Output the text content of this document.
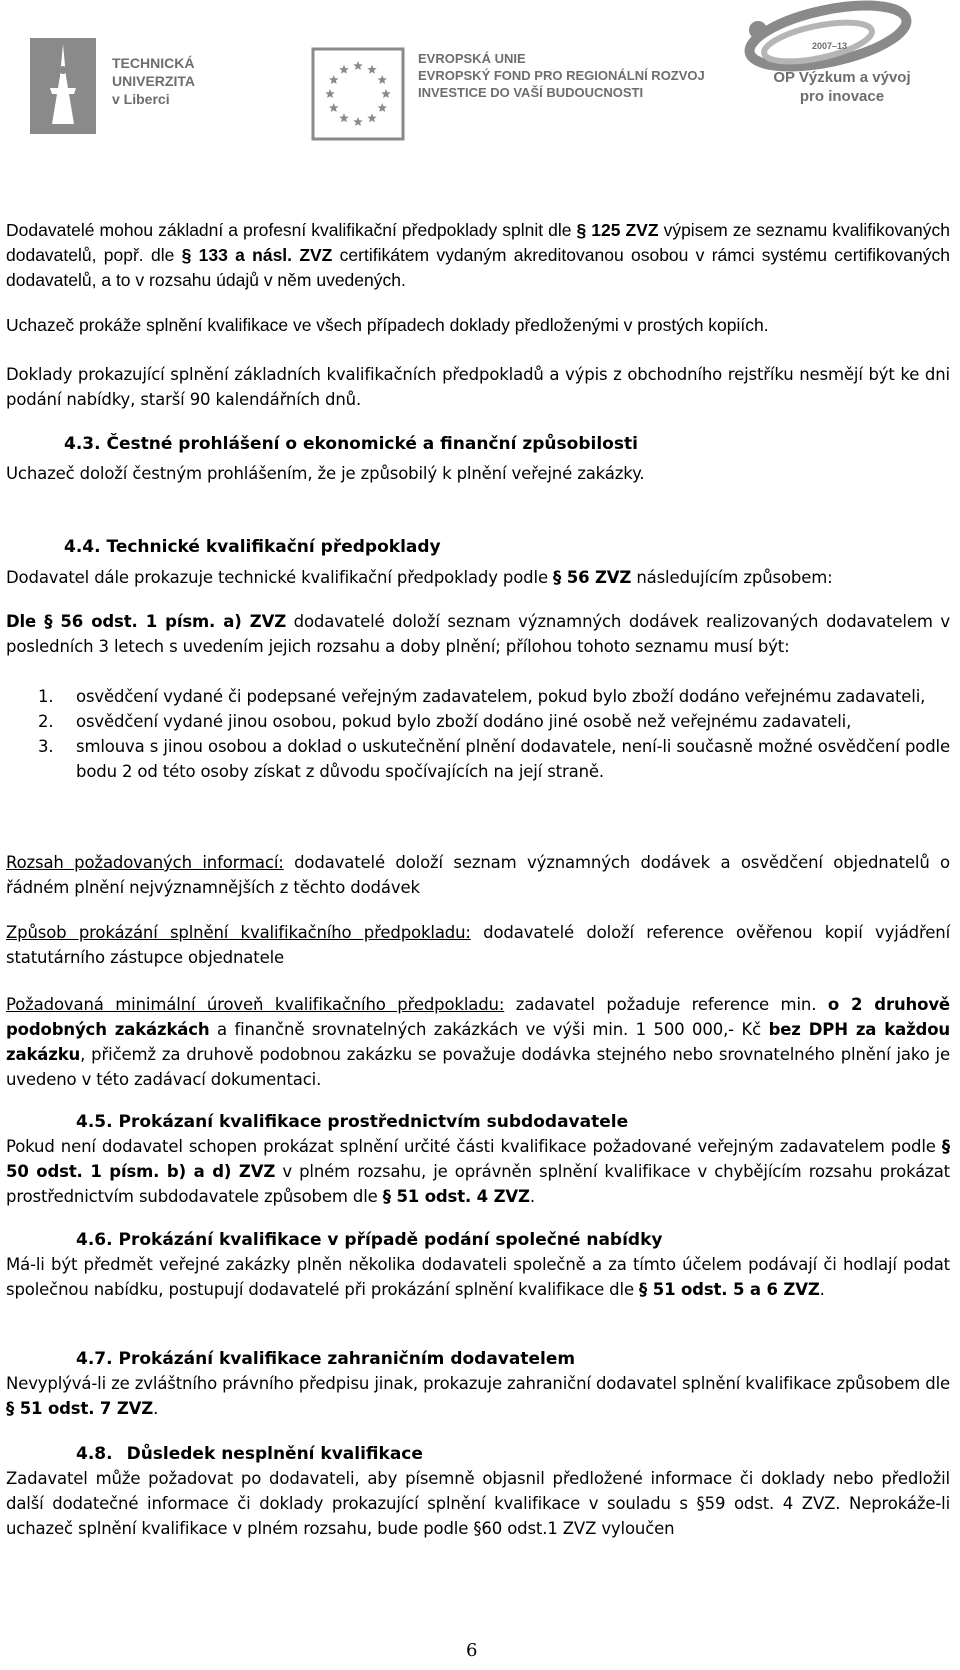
TECHNICKÁ
UNIVERZITA
v Liberci
EVROPSKÁ UNIE
EVROPSKÝ FOND PRO REGIONÁLNÍ ROZVOJ
INVESTICE DO VAŠÍ BUDOUCNOSTI
2007–13
OP Výzkum a vývoj
pro inovace
Dodavatelé mohou základní a profesní kvalifikační předpoklady splnit dle § 125 ZVZ výpisem ze seznamu kvalifikovaných dodavatelů, popř. dle § 133 a násl. ZVZ certifikátem vydaným akreditovanou osobou v rámci systému certifikovaných dodavatelů, a to v rozsahu údajů v něm uvedených.
Uchazeč prokáže splnění kvalifikace ve všech případech doklady předloženými v prostých kopiích.
Doklady prokazující splnění základních kvalifikačních předpokladů a výpis z obchodního rejstříku nesmějí být ke dni podání nabídky, starší 90 kalendářních dnů.
4.3. Čestné prohlášení o ekonomické a finanční způsobilosti
Uchazeč doloží čestným prohlášením, že je způsobilý k plnění veřejné zakázky.
4.4. Technické kvalifikační předpoklady
Dodavatel dále prokazuje technické kvalifikační předpoklady podle § 56 ZVZ následujícím způsobem:
Dle § 56 odst. 1 písm. a) ZVZ dodavatelé doloží seznam významných dodávek realizovaných dodavatelem v posledních 3 letech s uvedením jejich rozsahu a doby plnění; přílohou tohoto seznamu musí být:
1.	osvědčení vydané či podepsané veřejným zadavatelem, pokud bylo zboží dodáno veřejnému zadavateli,
2.	osvědčení vydané jinou osobou, pokud bylo zboží dodáno jiné osobě než veřejnému zadavateli,
3.	smlouva s jinou osobou a doklad o uskutečnění plnění dodavatele, není-li současně možné osvědčení podle bodu 2 od této osoby získat z důvodu spočívajících na její straně.
Rozsah požadovaných informací: dodavatelé doloží seznam významných dodávek a osvědčení objednatelů o řádném plnění nejvýznamnějších z těchto dodávek
Způsob prokázání splnění kvalifikačního předpokladu: dodavatelé doloží reference ověřenou kopií vyjádření statutárního zástupce objednatele
Požadovaná minimální úroveň kvalifikačního předpokladu: zadavatel požaduje reference min. o 2 druhově podobných zakázkách a finančně srovnatelných zakázkách ve výši min. 1 500 000,- Kč bez DPH za každou zakázku, přičemž za druhově podobnou zakázku se považuje dodávka stejného nebo srovnatelného plnění jako je uvedeno v této zadávací dokumentaci.
4.5. Prokázaní kvalifikace prostřednictvím subdodavatele
Pokud není dodavatel schopen prokázat splnění určité části kvalifikace požadované veřejným zadavatelem podle § 50 odst. 1 písm. b) a d) ZVZ v plném rozsahu, je oprávněn splnění kvalifikace v chybějícím rozsahu prokázat prostřednictvím subdodavatele způsobem dle § 51 odst. 4 ZVZ.
4.6. Prokázání kvalifikace v případě podání společné nabídky
Má-li být předmět veřejné zakázky plněn několika dodavateli společně a za tímto účelem podávají či hodlají podat společnou nabídku, postupují dodavatelé při prokázání splnění kvalifikace dle § 51 odst. 5 a 6 ZVZ.
4.7. Prokázání kvalifikace zahraničním dodavatelem
Nevyplývá-li ze zvláštního právního předpisu jinak, prokazuje zahraniční dodavatel splnění kvalifikace způsobem dle § 51 odst. 7 ZVZ.
4.8. Důsledek nesplnění kvalifikace
Zadavatel může požadovat po dodavateli, aby písemně objasnil předložené informace či doklady nebo předložil další dodatečné informace či doklady prokazující splnění kvalifikace v souladu s §59 odst. 4 ZVZ. Neprokáže-li uchazeč splnění kvalifikace v plném rozsahu, bude podle §60 odst.1 ZVZ vyloučen
6
